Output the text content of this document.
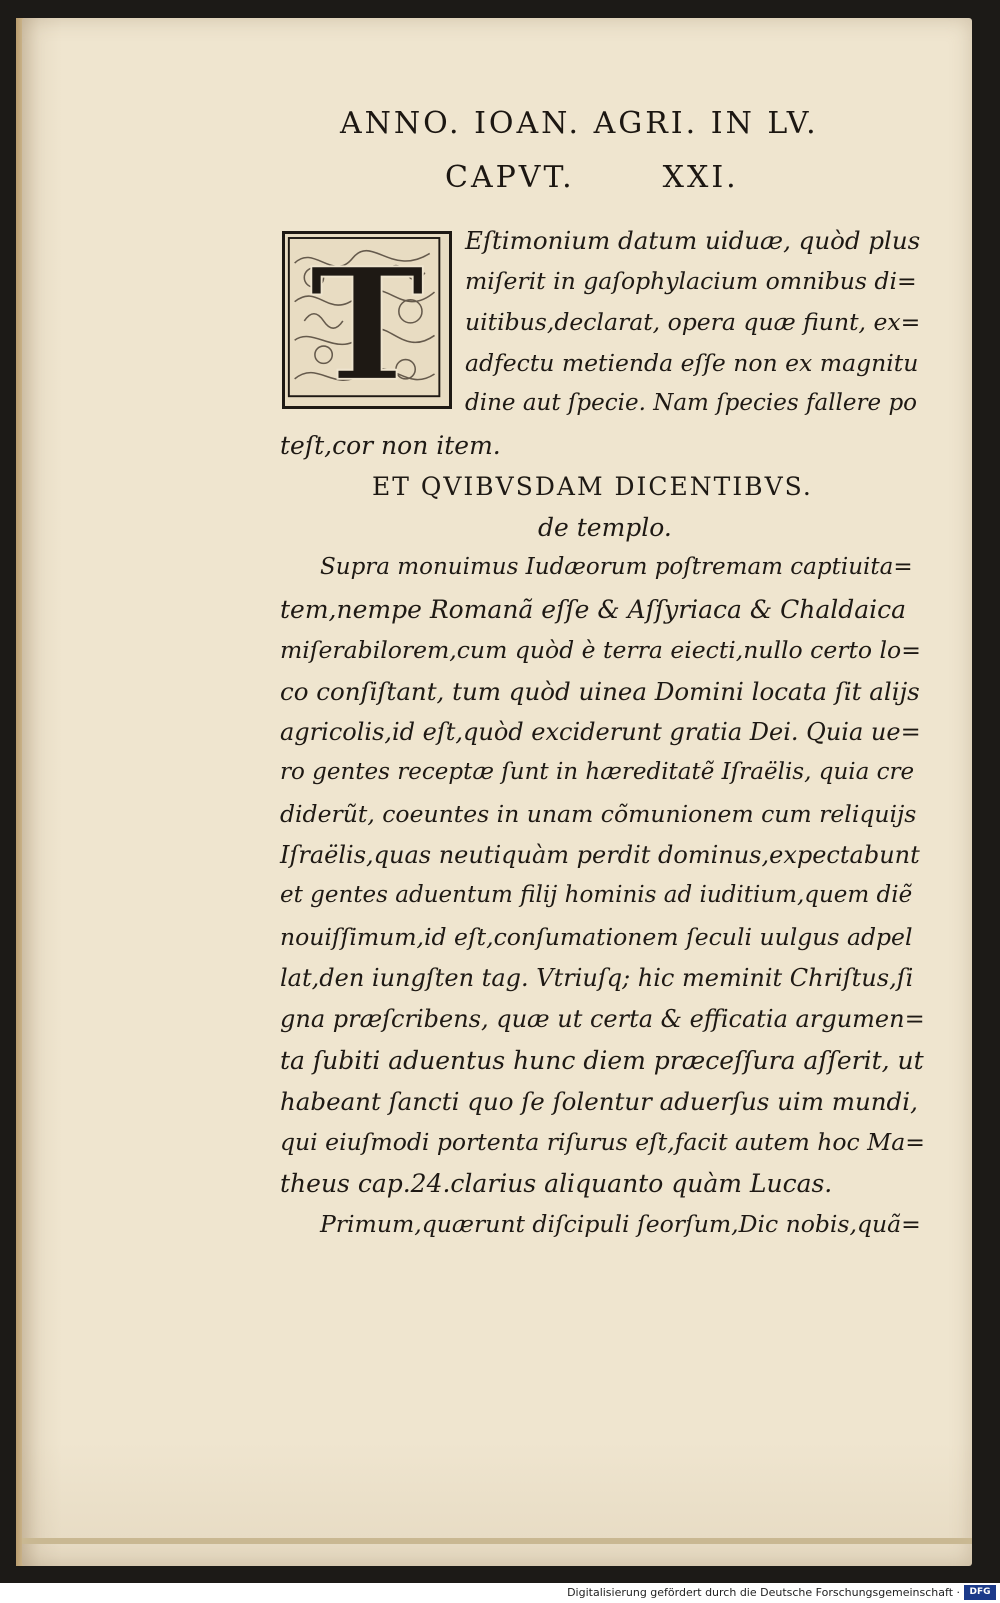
ANNO. IOAN. AGRI. IN LV.
CAPVT.	XXI.
T Eſtimonium datum uiduæ, quòd plus
miſerit in gaſophylacium omnibus di=
uitibus,declarat, opera quæ fiunt, ex=
adfectu metienda eſſe non ex magnitu
dine aut ſpecie. Nam ſpecies fallere po
teſt,cor non item.
ET QVIBVSDAM DICENTIBVS.
de templo.
Supra monuimus Iudæorum poſtremam captiuita=
tem,nempe Romanã eſſe & Aſſyriaca & Chaldaica
miſerabilorem,cum quòd è terra eiecti,nullo certo lo=
co conſiſtant, tum quòd uinea Domini locata ſit alijs
agricolis,id eſt,quòd exciderunt gratia Dei. Quia ue=
ro gentes receptæ ſunt in hæreditatẽ Iſraëlis, quia cre
diderũt, coeuntes in unam cõmunionem cum reliquijs
Iſraëlis,quas neutiquàm perdit dominus,expectabunt
et gentes aduentum filij hominis ad iuditium,quem diẽ
nouiſſimum,id eſt,conſumationem ſeculi uulgus adpel
lat,den iungſten tag. Vtriuſq; hic meminit Chriſtus,ſi
gna præſcribens, quæ ut certa & efficatia argumen=
ta ſubiti aduentus hunc diem præceſſura aſſerit, ut
habeant ſancti quo ſe ſolentur aduerſus uim mundi,
qui eiuſmodi portenta riſurus eſt,facit autem hoc Ma=
theus cap.24.clarius aliquanto quàm Lucas.
Primum,quærunt diſcipuli ſeorſum,Dic nobis,quã=
Digitalisierung gefördert durch die Deutsche Forschungsgemeinschaft ·	DFG
